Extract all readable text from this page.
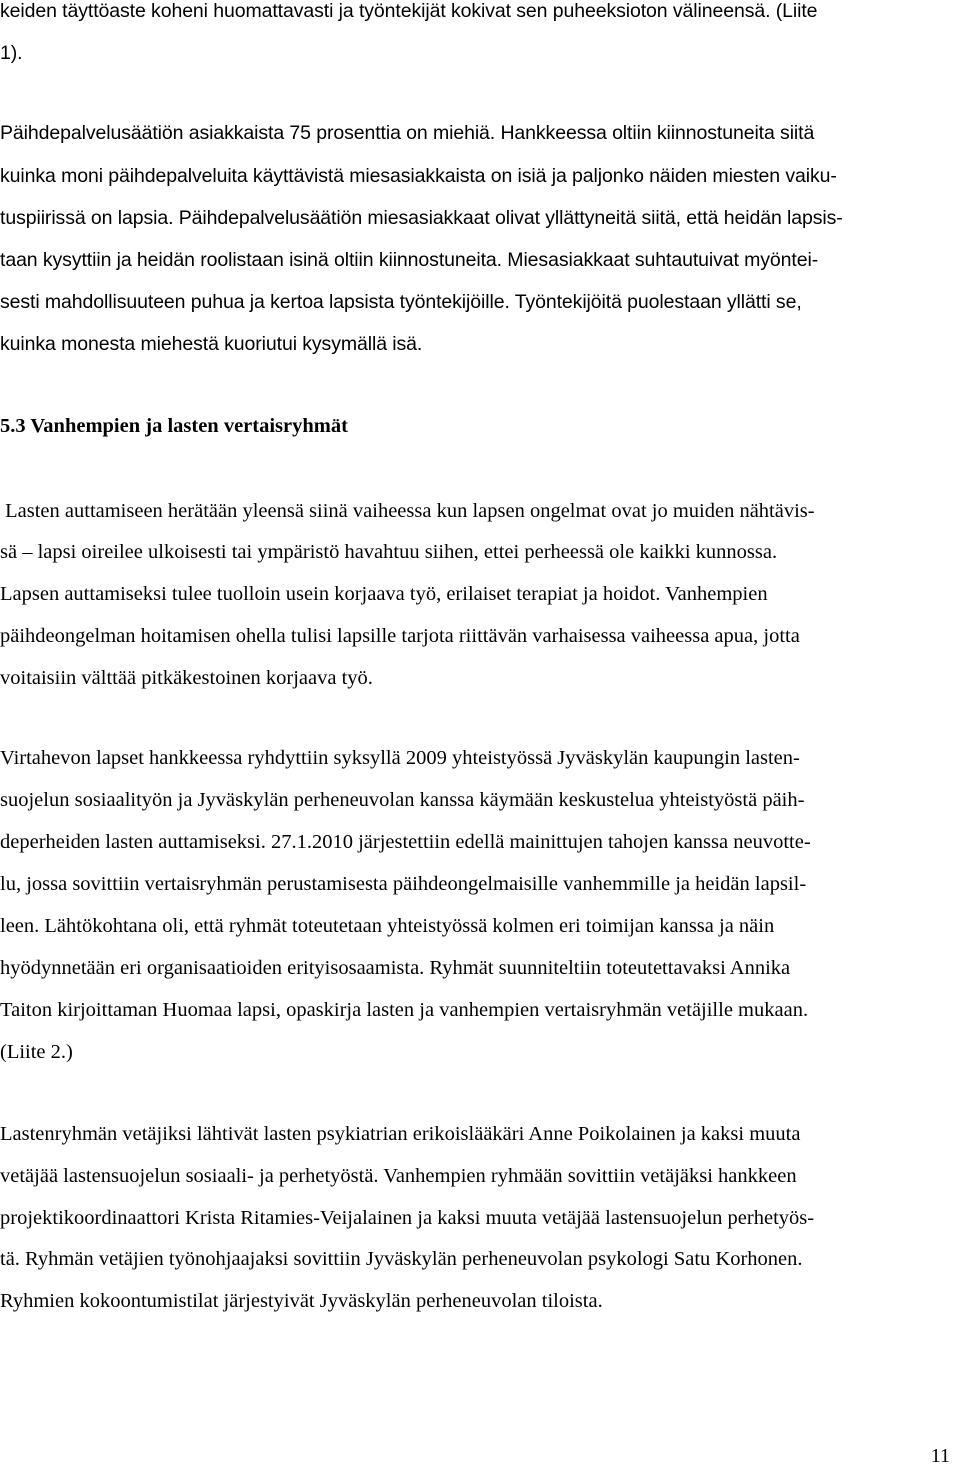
keiden täyttöaste koheni huomattavasti ja työntekijät kokivat sen puheeksioton välineensä. (Liite
1).
Päihdepalvelusäätiön asiakkaista 75 prosenttia on miehiä. Hankkeessa oltiin kiinnostuneita siitä
kuinka moni päihdepalveluita käyttävistä miesasiakkaista on isiä ja paljonko näiden miesten vaiku-
tuspiirissä on lapsia. Päihdepalvelusäätiön miesasiakkaat olivat yllättyneitä siitä, että heidän lapsis-
taan kysyttiin ja heidän roolistaan isinä oltiin kiinnostuneita. Miesasiakkaat suhtautuivat myöntei-
sesti mahdollisuuteen puhua ja kertoa lapsista työntekijöille. Työntekijöitä puolestaan yllätti se,
kuinka monesta miehestä kuoriutui kysymällä isä.
5.3 Vanhempien ja lasten vertaisryhmät
Lasten auttamiseen herätään yleensä siinä vaiheessa kun lapsen ongelmat ovat jo muiden nähtävis-
sä – lapsi oireilee ulkoisesti tai ympäristö havahtuu siihen, ettei perheessä ole kaikki kunnossa.
Lapsen auttamiseksi tulee tuolloin usein korjaava työ, erilaiset terapiat ja hoidot. Vanhempien
päihdeongelman hoitamisen ohella tulisi lapsille tarjota riittävän varhaisessa vaiheessa apua, jotta
voitaisiin välttää pitkäkestoinen korjaava työ.
Virtahevon lapset hankkeessa ryhdyttiin syksyllä 2009 yhteistyössä Jyväskylän kaupungin lasten-
suojelun sosiaalityön ja Jyväskylän perheneuvolan kanssa käymään keskustelua yhteistyöstä päih-
deperheiden lasten auttamiseksi. 27.1.2010 järjestettiin edellä mainittujen tahojen kanssa neuvotte-
lu, jossa sovittiin vertaisryhmän perustamisesta päihdeongelmaisille vanhemmille ja heidän lapsil-
leen. Lähtökohtana oli, että ryhmät toteutetaan yhteistyössä kolmen eri toimijan kanssa ja näin
hyödynnetään eri organisaatioiden erityisosaamista. Ryhmät suunniteltiin toteutettavaksi Annika
Taiton kirjoittaman Huomaa lapsi, opaskirja lasten ja vanhempien vertaisryhmän vetäjille mukaan.
(Liite 2.)
Lastenryhmän vetäjiksi lähtivät lasten psykiatrian erikoislääkäri Anne Poikolainen ja kaksi muuta
vetäjää lastensuojelun sosiaali- ja perhetyöstä. Vanhempien ryhmään sovittiin vetäjäksi hankkeen
projektikoordinaattori Krista Ritamies-Veijalainen ja kaksi muuta vetäjää lastensuojelun perhetyös-
tä. Ryhmän vetäjien työnohjaajaksi sovittiin Jyväskylän perheneuvolan psykologi Satu Korhonen.
Ryhmien kokoontumistilat järjestyivät Jyväskylän perheneuvolan tiloista.
11
